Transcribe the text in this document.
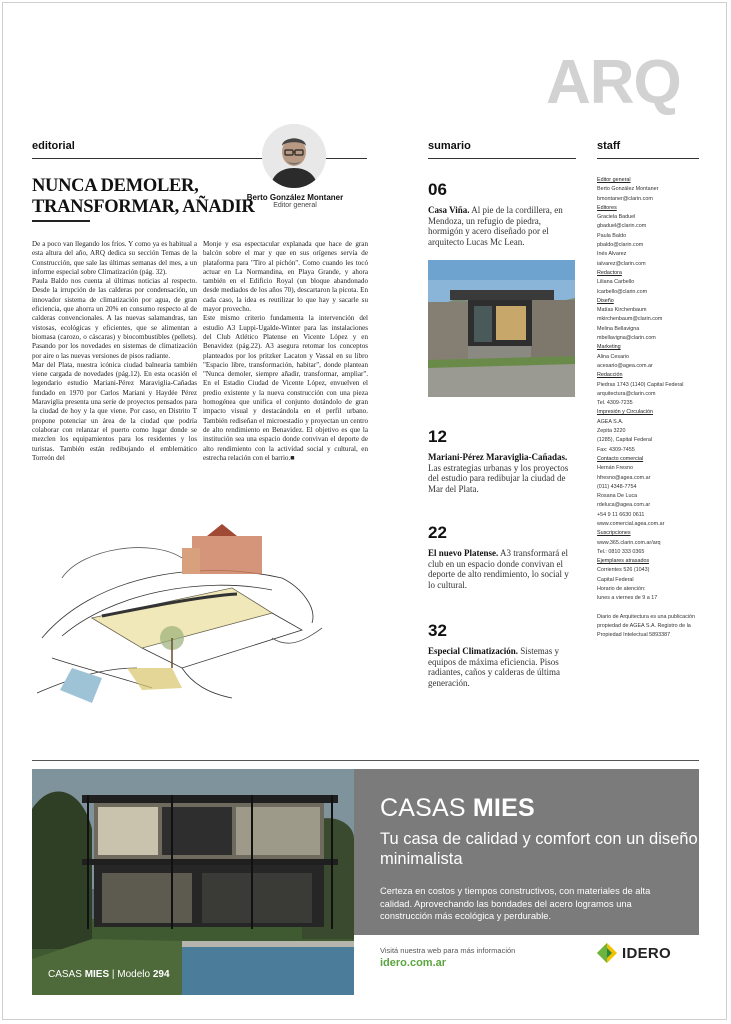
ARQ
editorial
Berto González Montaner
Editor general
NUNCA DEMOLER, TRANSFORMAR, AÑADIR

De a poco van llegando los fríos. Y como ya es habitual a esta altura del año, ARQ dedica su sección Temas de la Construcción, que sale las últimas semanas del mes, a un informe especial sobre Climatización (pág. 32).

Paula Baldo nos cuenta al últimas noticias al respecto. Desde la irrupción de las calderas por condensación, un innovador sistema de climatización por agua, de gran eficiencia, que ahorra un 20% en consumo respecto al de calderas convencionales. A las nuevas salamandras, tan vistosas, ecológicas y eficientes, que se alimentan a biomasa (carozo, o cáscaras) y biocombustibles (pellets). Pasando por los novedades en sistemas de climatización por aire o las nuevas versiones de pisos radiante.

Mar del Plata, nuestra icónica ciudad balnearia también viene cargada de novedades (pág.12). En esta ocasión el legendario estudio Mariani-Pérez Maraviglia-Cañadas fundado en 1970 por Carlos Mariani y Haydée Pérez Maraviglia presenta una serie de proyectos pensados para la ciudad de hoy y la que viene. Por caso, en Distrito T propone potenciar un área de la ciudad que podría colaborar con relanzar el puerto como lugar donde se mezclen los equipamientos para los residentes y los turistas. También están redibujando el emblemático Torreón del

Monje y esa espectacular explanada que hace de gran balcón sobre el mar y que en sus orígenes servía de plataforma para "Tiro al pichón". Como cuando les tocó actuar en La Normandina, en Playa Grande, y ahora también en el Edificio Royal (un bloque abandonado desde mediados de los años 70), descartaron la picota. En cada caso, la idea es reutilizar lo que hay y sacarle su mayor provecho.

Este mismo criterio fundamenta la intervención del estudio A3 Luppi-Ugalde-Winter para las instalaciones del Club Atlético Platense en Vicente López y en Benavidez (pág.22). A3 asegura retomar los conceptos planteados por los pritzker Lacaton y Vassal en su libro "Espacio libre, transformación, habitar", donde plantean "Nunca demoler, siempre añadir, transformar, ampliar". En el Estadio Ciudad de Vicente López, envuelven el predio existente y la nueva construcción con una pieza homogénea que unifica el conjunto dotándolo de gran impacto visual y destacándola en el perfil urbano. También rediseñan el microestadio y proyectan un centro de alto rendimiento en Benavidez. El objetivo es que la institución sea una espacio donde convivan el deporte de alto rendimiento con la actividad social y cultural, en estrecha relación con el barrio.■

sumario
06
Casa Viña. Al pie de la cordillera, en Mendoza, un refugio de piedra, hormigón y acero diseñado por el arquitecto Lucas Mc Lean.
12
Mariani-Pérez Maraviglia-Cañadas. Las estrategias urbanas y los proyectos del estudio para redibujar la ciudad de Mar del Plata.
22
El nuevo Platense. A3 transformará el club en un espacio donde convivan el deporte de alto rendimiento, lo social y lo cultural.
32
Especial Climatización. Sistemas y equipos de máxima eficiencia. Pisos radiantes, caños y calderas de última generación.
staff
Editor general
Berto González Montaner
bmontaner@clarin.com
Editores
Graciela Baduel
gbaduel@clarin.com
Paula Baldo
pbaldo@clarin.com
Inés Alvarez
ialvarez@clarin.com
Redactora
Liliana Carbello
lcarbello@clarin.com
Diseño
Matías Kirchenbaum
mkirchenbaum@clarin.com
Melina Bellavigna
mbellavigna@clarin.com
Marketing
Alina Cesario
acesario@agea.com.ar
Redacción
Piedras 1743 (1140) Capital Federal
arquitectura@clarin.com
Tel. 4309-7235
Impresión y Circulación
AGEA S.A.
Zepita 3220
(1285), Capital Federal
Fax: 4309-7455
Contacto comercial
Hernán Fresno
hfresno@agea.com.ar
(011) 4348-7754
Rosana De Luca
rdeluca@agea.com.ar
+54 9 11 6630 0611
www.comercial.agea.com.ar
Suscripciones
www.365.clarin.com.ar/arq
Tel.: 0810 333 0365
Ejemplares atrasados
Corrientes 526 (1043)
Capital Federal
Horario de atención:
lunes a viernes de 9 a 17
Diario de Arquitectura es una publicación propiedad de AGEA S.A. Registro de la Propiedad Intelectual 5893387
CASAS MIES | Modelo 294
CASAS MIES
Tu casa de calidad y comfort con un diseño minimalista
Certeza en costos y tiempos constructivos, con materiales de alta calidad. Aprovechando las bondades del acero logramos una construcción más ecológica y perdurable.
Visitá nuestra web para más información
idero.com.ar
IDERO
